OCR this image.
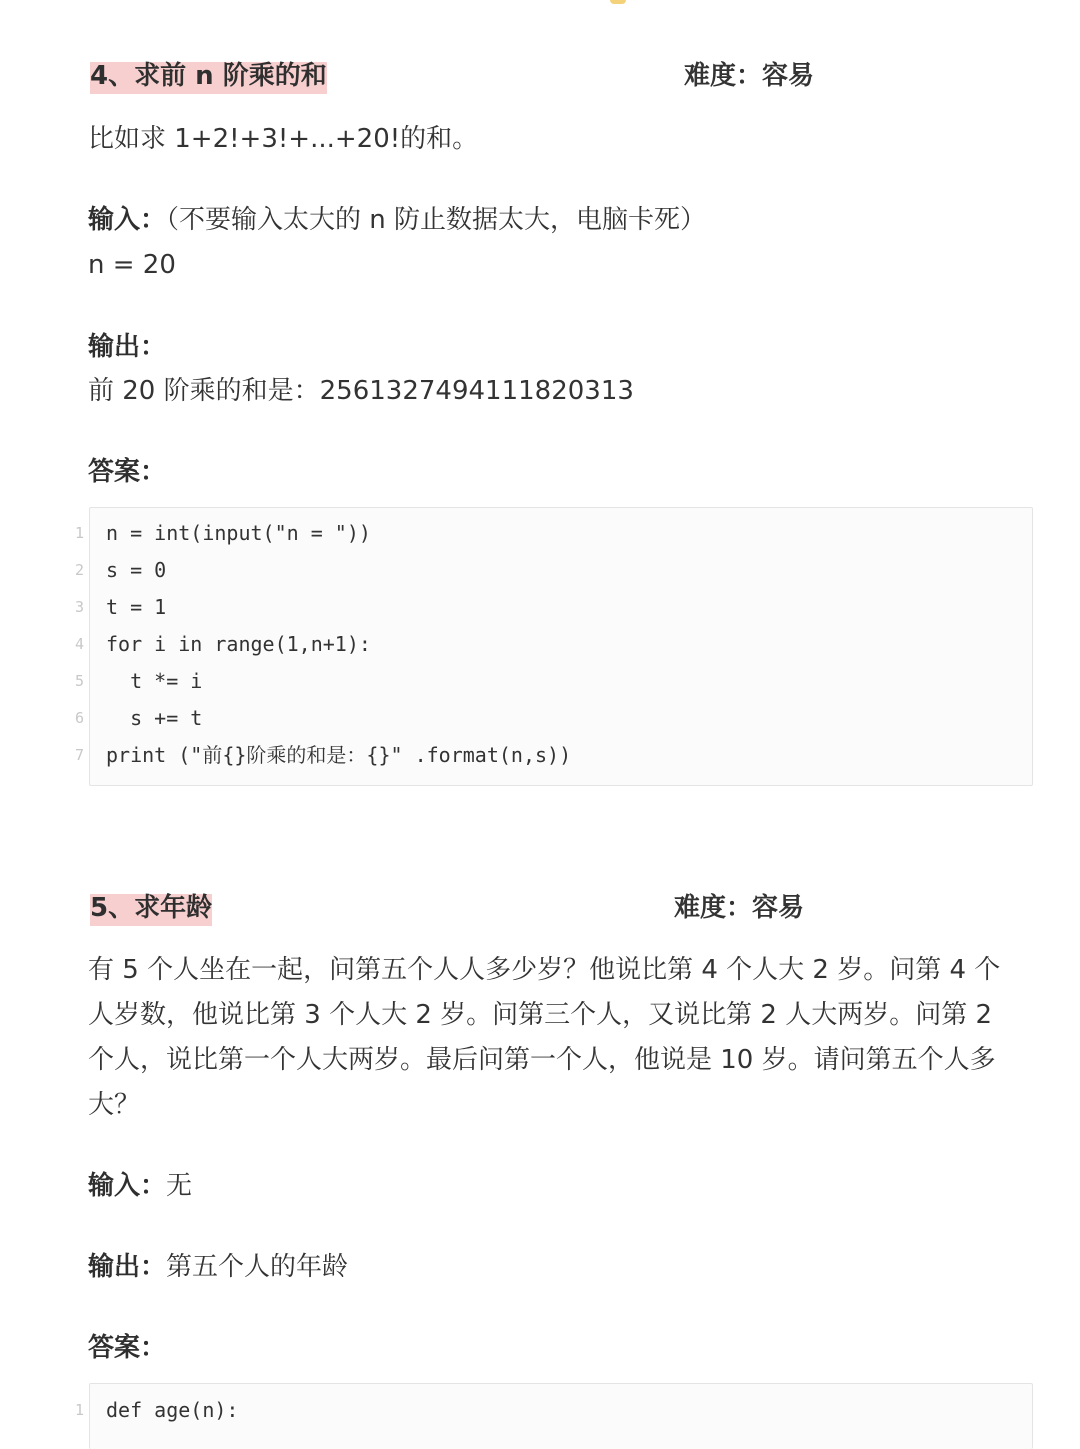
4、求前 n 阶乘的和	难度：容易
比如求 1+2!+3!+...+20!的和。
输入：（不要输入太大的 n 防止数据太大，电脑卡死）
n = 20
输出：
前 20 阶乘的和是：2561327494111820313
答案：
1 n = int(input("n = "))
2 s = 0
3 t = 1
4 for i in range(1,n+1):
5 t *= i
6 s += t
7 print ("前{}阶乘的和是：{}" .format(n,s))
5、求年龄	难度：容易
有 5 个人坐在一起，问第五个人人多少岁？他说比第 4 个人大 2 岁。问第 4 个
人岁数，他说比第 3 个人大 2 岁。问第三个人，又说比第 2 人大两岁。问第 2
个人，说比第一个人大两岁。最后问第一个人，他说是 10 岁。请问第五个人多
大？
输入：无
输出：第五个人的年龄
答案：
1 def age(n):
